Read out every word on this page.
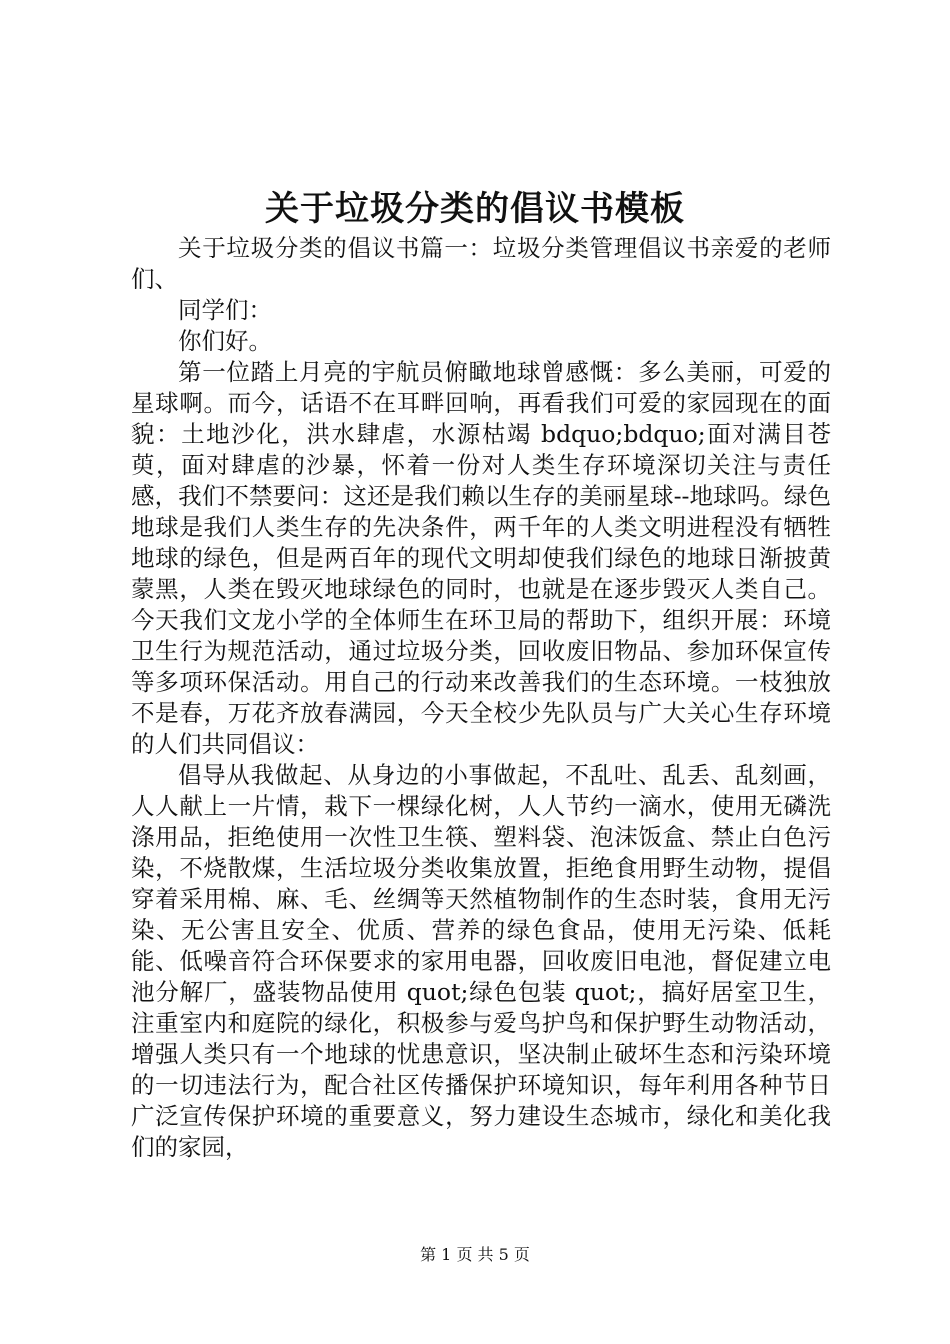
关于垃圾分类的倡议书模板

关于垃圾分类的倡议书篇一：垃圾分类管理倡议书亲爱的老师们、

同学们：

你们好。

第一位踏上月亮的宇航员俯瞰地球曾感慨：多么美丽，可爱的星球啊。而今，话语不在耳畔回响，再看我们可爱的家园现在的面貌：土地沙化，洪水肆虐，水源枯竭 bdquo;bdquo;面对满目苍萸，面对肆虐的沙暴，怀着一份对人类生存环境深切关注与责任感，我们不禁要问：这还是我们赖以生存的美丽星球--地球吗。绿色地球是我们人类生存的先决条件，两千年的人类文明进程没有牺牲地球的绿色，但是两百年的现代文明却使我们绿色的地球日渐披黄蒙黑，人类在毁灭地球绿色的同时，也就是在逐步毁灭人类自己。今天我们文龙小学的全体师生在环卫局的帮助下，组织开展：环境卫生行为规范活动，通过垃圾分类，回收废旧物品、参加环保宣传等多项环保活动。用自己的行动来改善我们的生态环境。一枝独放不是春，万花齐放春满园，今天全校少先队员与广大关心生存环境的人们共同倡议：

倡导从我做起、从身边的小事做起，不乱吐、乱丢、乱刻画，人人献上一片情，栽下一棵绿化树，人人节约一滴水，使用无磷洗涤用品，拒绝使用一次性卫生筷、塑料袋、泡沫饭盒、禁止白色污染，不烧散煤，生活垃圾分类收集放置，拒绝食用野生动物，提倡穿着采用棉、麻、毛、丝绸等天然植物制作的生态时装，食用无污染、无公害且安全、优质、营养的绿色食品，使用无污染、低耗能、低噪音符合环保要求的家用电器，回收废旧电池，督促建立电池分解厂，盛装物品使用 quot;绿色包装 quot;，搞好居室卫生，注重室内和庭院的绿化，积极参与爱鸟护鸟和保护野生动物活动，增强人类只有一个地球的忧患意识，坚决制止破坏生态和污染环境的一切违法行为，配合社区传播保护环境知识，每年利用各种节日广泛宣传保护环境的重要意义，努力建设生态城市，绿化和美化我们的家园，

第 1 页 共 5 页
